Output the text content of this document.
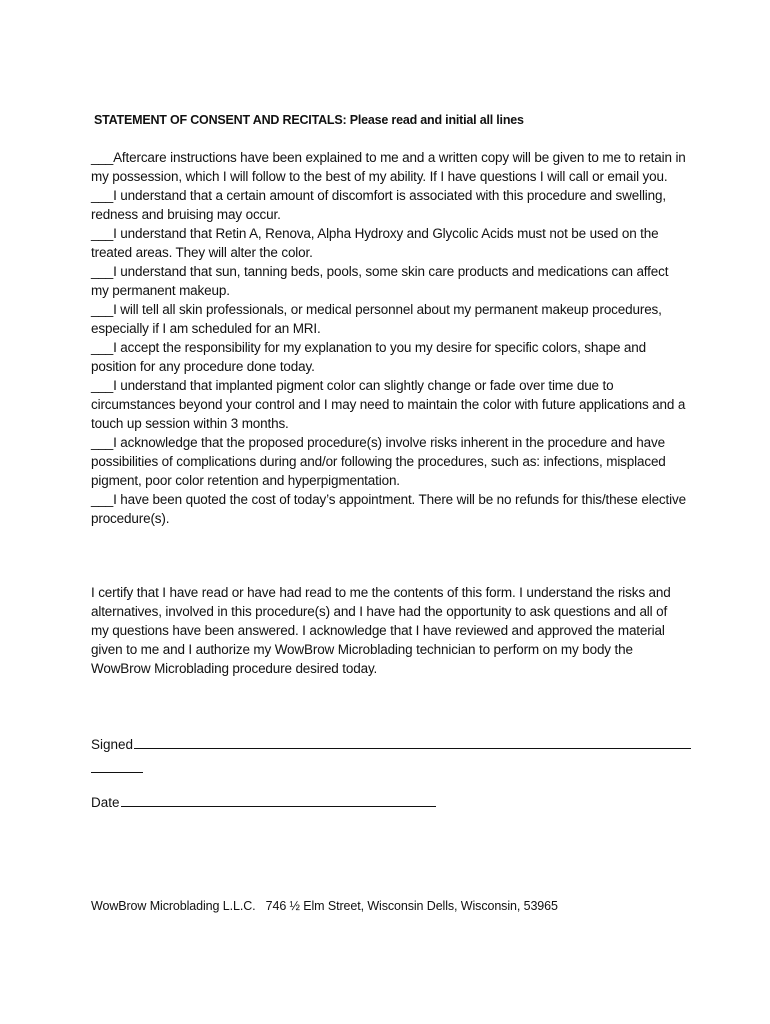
STATEMENT OF CONSENT AND RECITALS: Please read and initial all lines

___Aftercare instructions have been explained to me and a written copy will be given to me to retain in my possession, which I will follow to the best of my ability. If I have questions I will call or email you.

___I understand that a certain amount of discomfort is associated with this procedure and swelling, redness and bruising may occur.

___I understand that Retin A, Renova, Alpha Hydroxy and Glycolic Acids must not be used on the treated areas. They will alter the color.

___I understand that sun, tanning beds, pools, some skin care products and medications can affect my permanent makeup.

___I will tell all skin professionals, or medical personnel about my permanent makeup procedures, especially if I am scheduled for an MRI.

___I accept the responsibility for my explanation to you my desire for specific colors, shape and position for any procedure done today.

___I understand that implanted pigment color can slightly change or fade over time due to circumstances beyond your control and I may need to maintain the color with future applications and a touch up session within 3 months.

___I acknowledge that the proposed procedure(s) involve risks inherent in the procedure and have possibilities of complications during and/or following the procedures, such as: infections, misplaced pigment, poor color retention and hyperpigmentation.

___I have been quoted the cost of today’s appointment. There will be no refunds for this/these elective procedure(s).

I certify that I have read or have had read to me the contents of this form. I understand the risks and alternatives, involved in this procedure(s) and I have had the opportunity to ask questions and all of my questions have been answered. I acknowledge that I have reviewed and approved the material given to me and I authorize my WowBrow Microblading technician to perform on my body the WowBrow Microblading procedure desired today.

Signed
Date
WowBrow Microblading L.L.C.   746 ½ Elm Street, Wisconsin Dells, Wisconsin, 53965
